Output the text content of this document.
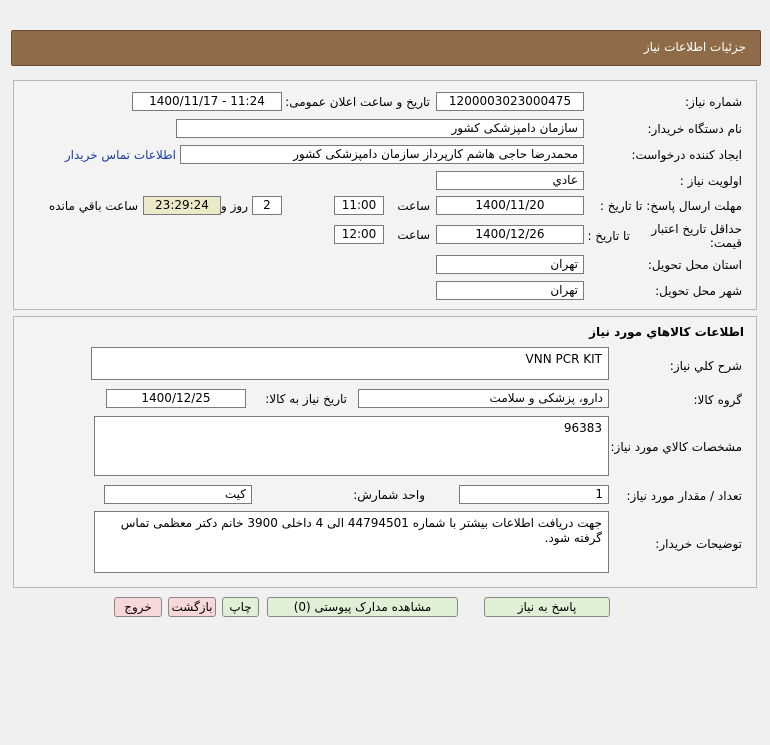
جزئیات اطلاعات نیاز
شماره نیاز:
1200003023000475
تاریخ و ساعت اعلان عمومی:
1400/11/17 - 11:24
نام دستگاه خریدار:
سازمان دامپزشکی کشور
ایجاد کننده درخواست:
محمدرضا حاجی هاشم کارپرداز سازمان دامپزشکی کشور
اطلاعات تماس خریدار
اولویت نیاز :
عادي
مهلت ارسال پاسخ: تا تاریخ :
1400/11/20
ساعت
11:00
2
روز و
23:29:24
ساعت باقي مانده
حداقل تاریخ اعتبار قیمت:
تا تاریخ :
1400/12/26
ساعت
12:00
استان محل تحویل:
تهران
شهر محل تحویل:
تهران
اطلاعات کالاهاي مورد نياز
شرح کلي نياز:
VNN PCR KIT
گروه کالا:
دارو، پزشکی و سلامت
تاریخ نیاز به کالا:
1400/12/25
مشخصات کالاي مورد نياز:
96383
تعداد / مقدار مورد نیاز:
1
واحد شمارش:
کیت
توضیحات خریدار:
جهت دریافت اطلاعات بیشتر با شماره 44794501 الی 4 داخلی 3900 خانم دکتر معظمی تماس گرفته شود.
پاسخ به نياز
مشاهده مدارک پیوستی (0)
چاپ
بازگشت
خروج
